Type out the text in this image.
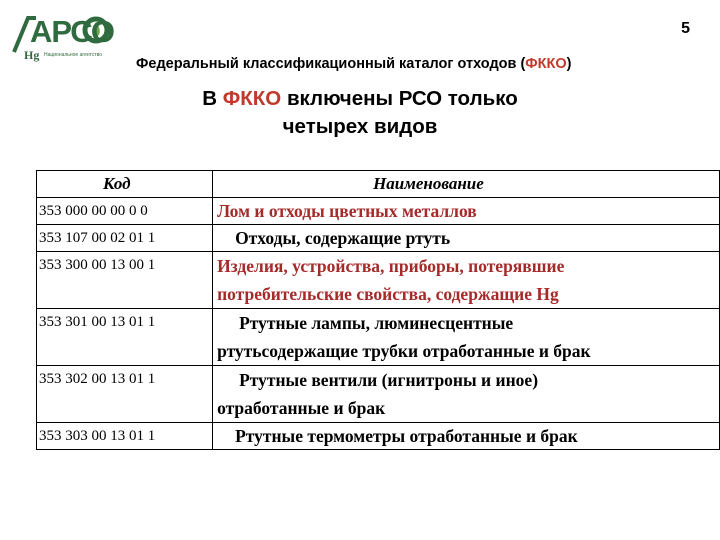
АРСО
Hg Национальное агентство
5
Федеральный классификационный каталог отходов (ФККО)
В ФККО включены РСО только
четырех видов
Код	Наименование
353 000 00 00 0 0	Лом и отходы цветных металлов
353 107 00 02 01 1	Отходы, содержащие ртуть
353 300 00 13 00 1	Изделия, устройства, приборы, потерявшие
потребительские свойства, содержащие Hg

353 301 00 13 01 1	Ртутные лампы, люминесцентные
ртутьсодержащие трубки отработанные и брак

353 302 00 13 01 1	Ртутные вентили (игнитроны и иное)
отработанные и брак

353 303 00 13 01 1	Ртутные термометры отработанные и брак
